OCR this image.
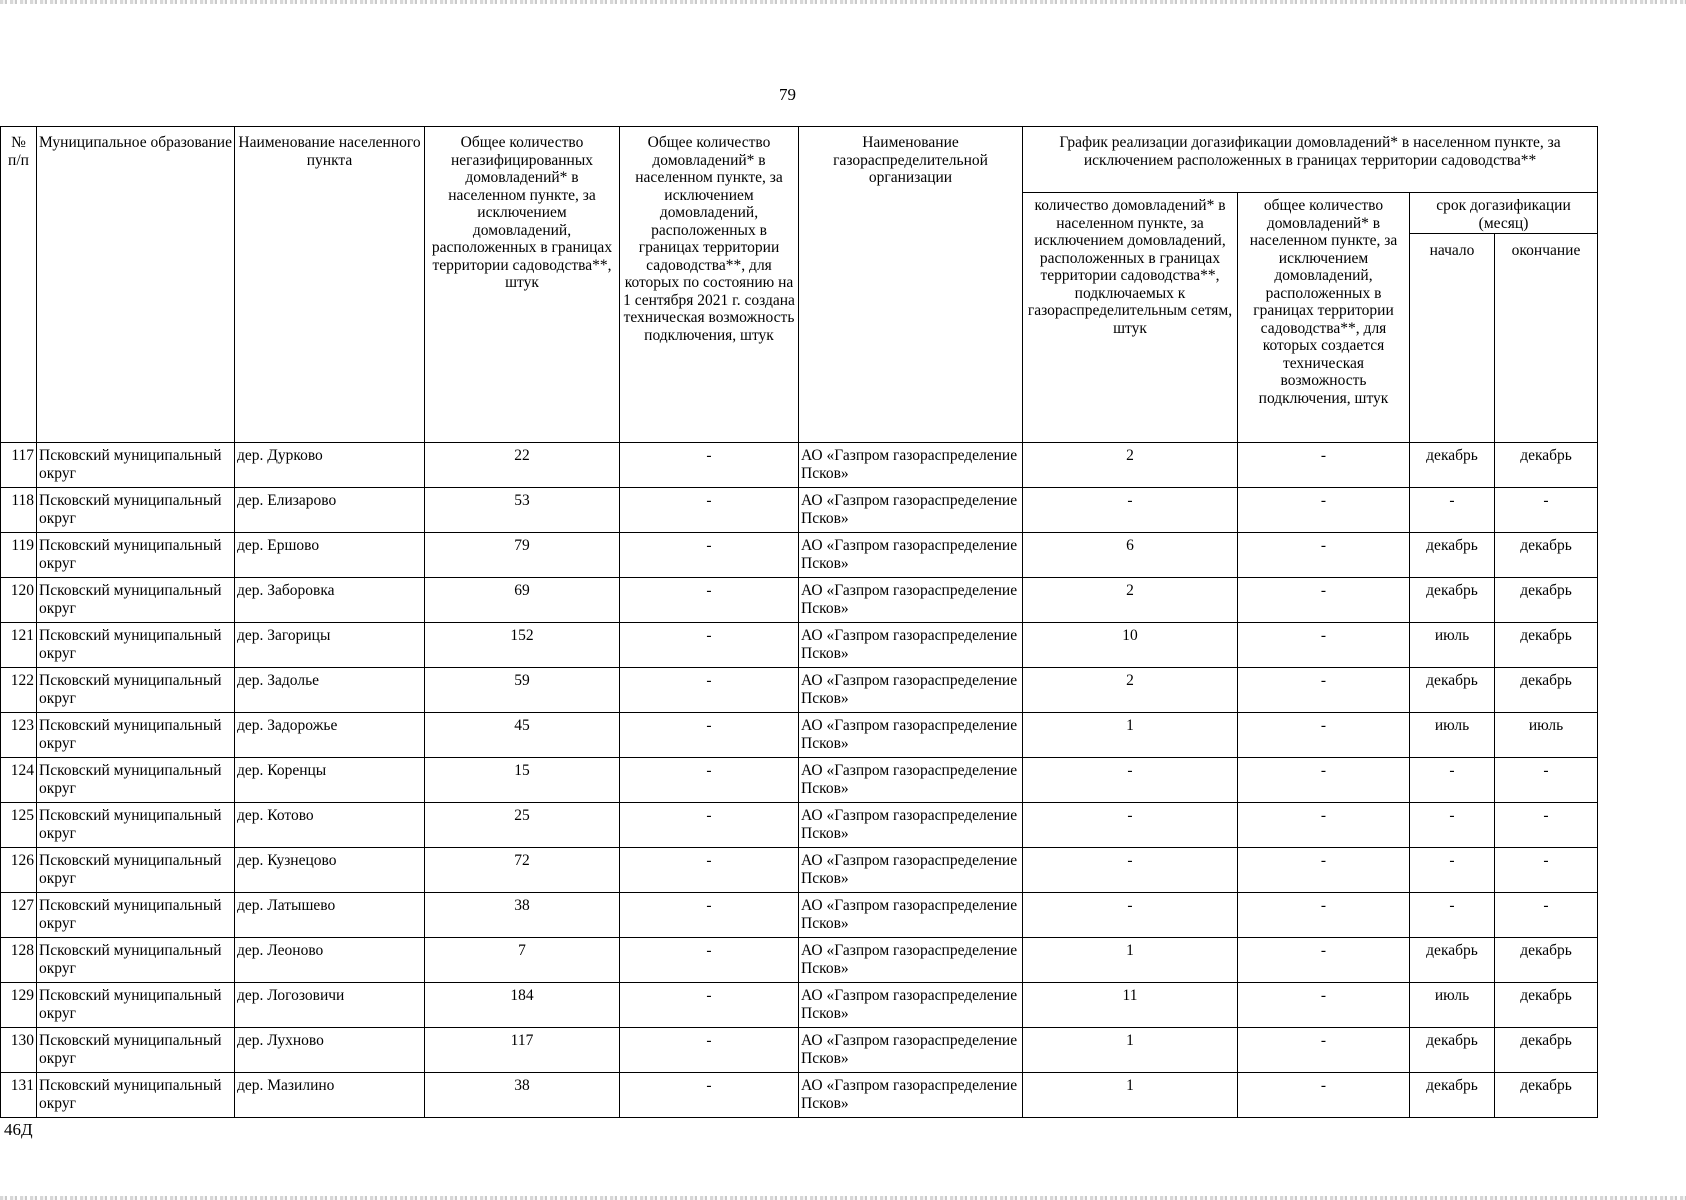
79
№ п/п	Муниципальное образование	Наименование населенного пункта	Общее количество негазифицированных домовладений* в населенном пункте, за исключением домовладений, расположенных в границах территории садоводства**, штук	Общее количество домовладений* в населенном пункте, за исключением домовладений, расположенных в границах территории садоводства**, для которых по состоянию на 1 сентября 2021 г. создана техническая возможность подключения, штук	Наименование газораспределительной организации	График реализации догазификации домовладений* в населенном пункте, за исключением расположенных в границах территории садоводства**			
						количество домовладений* в населенном пункте, за исключением домовладений, расположенных в границах территории садоводства**, подключаемых к газораспределительным сетям, штук	общее количество домовладений* в населенном пункте, за исключением домовладений, расположенных в границах территории садоводства**, для которых создается техническая возможность подключения, штук	срок догазификации (месяц)	
								начало	окончание
117	Псковский муниципальный округ	дер. Дурково	22	-	АО «Газпром газораспределение Псков»	2	-	декабрь	декабрь
118	Псковский муниципальный округ	дер. Елизарово	53	-	АО «Газпром газораспределение Псков»	-	-	-	-
119	Псковский муниципальный округ	дер. Ершово	79	-	АО «Газпром газораспределение Псков»	6	-	декабрь	декабрь
120	Псковский муниципальный округ	дер. Заборовка	69	-	АО «Газпром газораспределение Псков»	2	-	декабрь	декабрь
121	Псковский муниципальный округ	дер. Загорицы	152	-	АО «Газпром газораспределение Псков»	10	-	июль	декабрь
122	Псковский муниципальный округ	дер. Задолье	59	-	АО «Газпром газораспределение Псков»	2	-	декабрь	декабрь
123	Псковский муниципальный округ	дер. Задорожье	45	-	АО «Газпром газораспределение Псков»	1	-	июль	июль
124	Псковский муниципальный округ	дер. Коренцы	15	-	АО «Газпром газораспределение Псков»	-	-	-	-
125	Псковский муниципальный округ	дер. Котово	25	-	АО «Газпром газораспределение Псков»	-	-	-	-
126	Псковский муниципальный округ	дер. Кузнецово	72	-	АО «Газпром газораспределение Псков»	-	-	-	-
127	Псковский муниципальный округ	дер. Латышево	38	-	АО «Газпром газораспределение Псков»	-	-	-	-
128	Псковский муниципальный округ	дер. Леоново	7	-	АО «Газпром газораспределение Псков»	1	-	декабрь	декабрь
129	Псковский муниципальный округ	дер. Логозовичи	184	-	АО «Газпром газораспределение Псков»	11	-	июль	декабрь
130	Псковский муниципальный округ	дер. Лухново	117	-	АО «Газпром газораспределение Псков»	1	-	декабрь	декабрь
131	Псковский муниципальный округ	дер. Мазилино	38	-	АО «Газпром газораспределение Псков»	1	-	декабрь	декабрь
46Д
